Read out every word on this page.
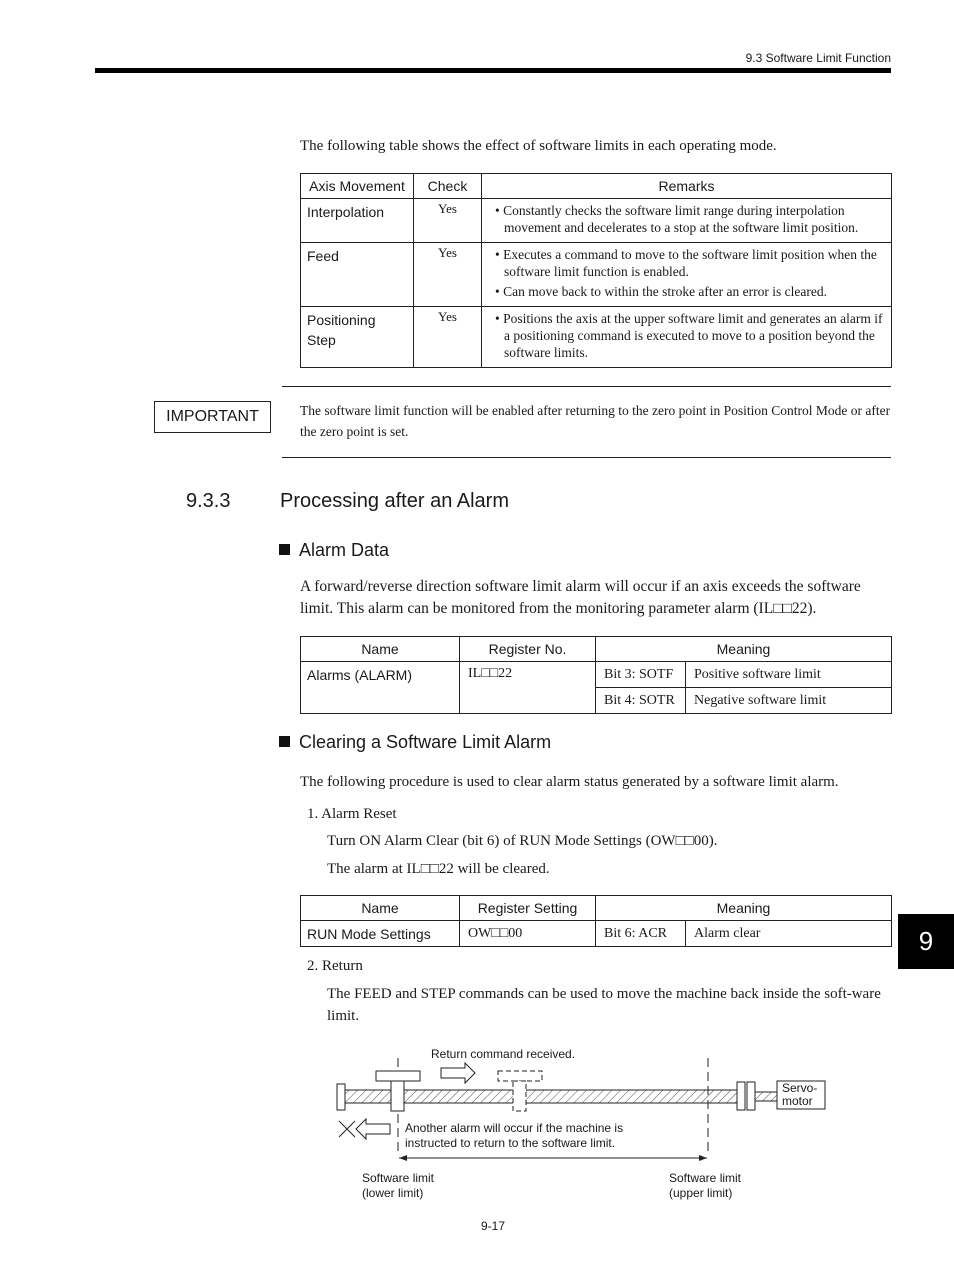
9.3 Software Limit Function
The following table shows the effect of software limits in each operating mode.
Axis Movement	Check	Remarks

Interpolation	Yes	• Constantly checks the software limit range during interpolation movement and decelerates to a stop at the software limit position.

Feed	Yes	• Executes a command to move to the software limit position when the software limit function is enabled.
• Can move back to within the stroke after an error is cleared.

Positioning
Step	Yes	• Positions the axis at the upper software limit and generates an alarm if a positioning command is executed to move to a position beyond the software limits.
IMPORTANT	The software limit function will be enabled after returning to the zero point in Position Control Mode or after the zero point is set.
9.3.3 Processing after an Alarm
Alarm Data
A forward/reverse direction software limit alarm will occur if an axis exceeds the software limit. This alarm can be monitored from the monitoring parameter alarm (IL□□22).
Name	Register No.	Meaning	
Alarms (ALARM)	IL□□22	Bit 3: SOTF	Positive software limit
		Bit 4: SOTR	Negative software limit
Clearing a Software Limit Alarm
The following procedure is used to clear alarm status generated by a software limit alarm.
1. Alarm Reset
Turn ON Alarm Clear (bit 6) of RUN Mode Settings (OW□□00).
The alarm at IL□□22 will be cleared.
Name	Register Setting	Meaning	
RUN Mode Settings	OW□□00	Bit 6: ACR	Alarm clear	9
2. Return
The FEED and STEP commands can be used to move the machine back inside the soft-ware limit.
Servo-
motor
Return command received.
Another alarm will occur if the machine is
instructed to return to the software limit.
Software limit
(lower limit)
Software limit
(upper limit)
9-17
